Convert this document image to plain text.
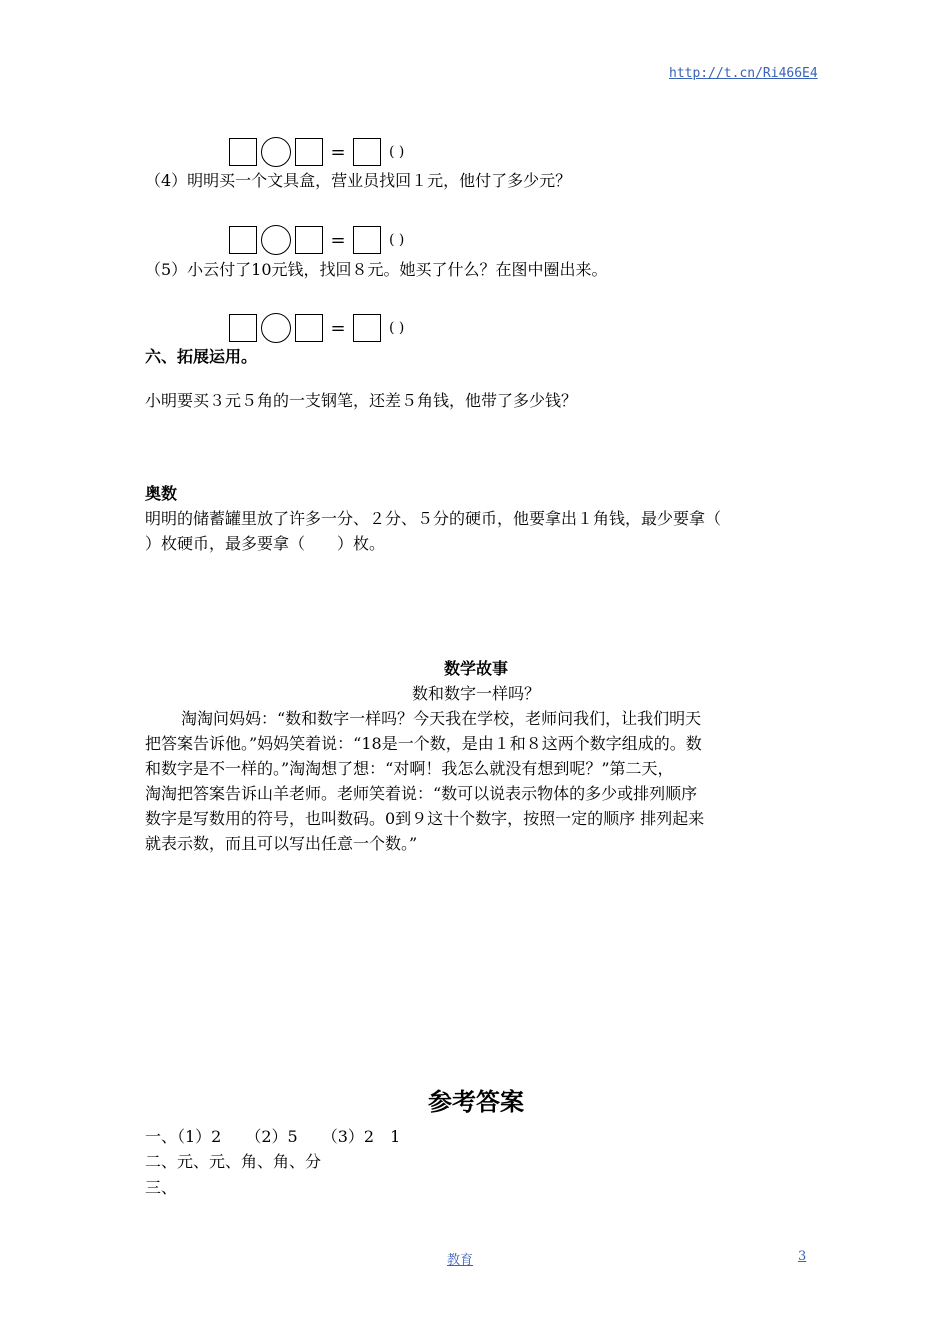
http://t.cn/Ri466E4
=	( )
（4）明明买一个文具盒，营业员找回１元，他付了多少元？
=	( )
（5）小云付了10元钱，找回８元。她买了什么？在图中圈出来。
=	( )
六、拓展运用。
小明要买３元５角的一支钢笔，还差５角钱，他带了多少钱？
奥数
明明的储蓄罐里放了许多一分、２分、５分的硬币，他要拿出１角钱，最少要拿（
）枚硬币，最多要拿（　　）枚。
数学故事
数和数字一样吗？
淘淘问妈妈：“数和数字一样吗？今天我在学校，老师问我们，让我们明天
把答案告诉他。”妈妈笑着说：“18是一个数，是由１和８这两个数字组成的。数
和数字是不一样的。”淘淘想了想：“对啊！我怎么就没有想到呢？”第二天，
淘淘把答案告诉山羊老师。老师笑着说：“数可以说表示物体的多少或排列顺序
数字是写数用的符号，也叫数码。0到９这十个数字，按照一定的顺序 排列起来
就表示数，而且可以写出任意一个数。”
参考答案
一、（1）2　　（2）5　　（3）2　1
二、元、元、角、角、分
三、
教育	3
